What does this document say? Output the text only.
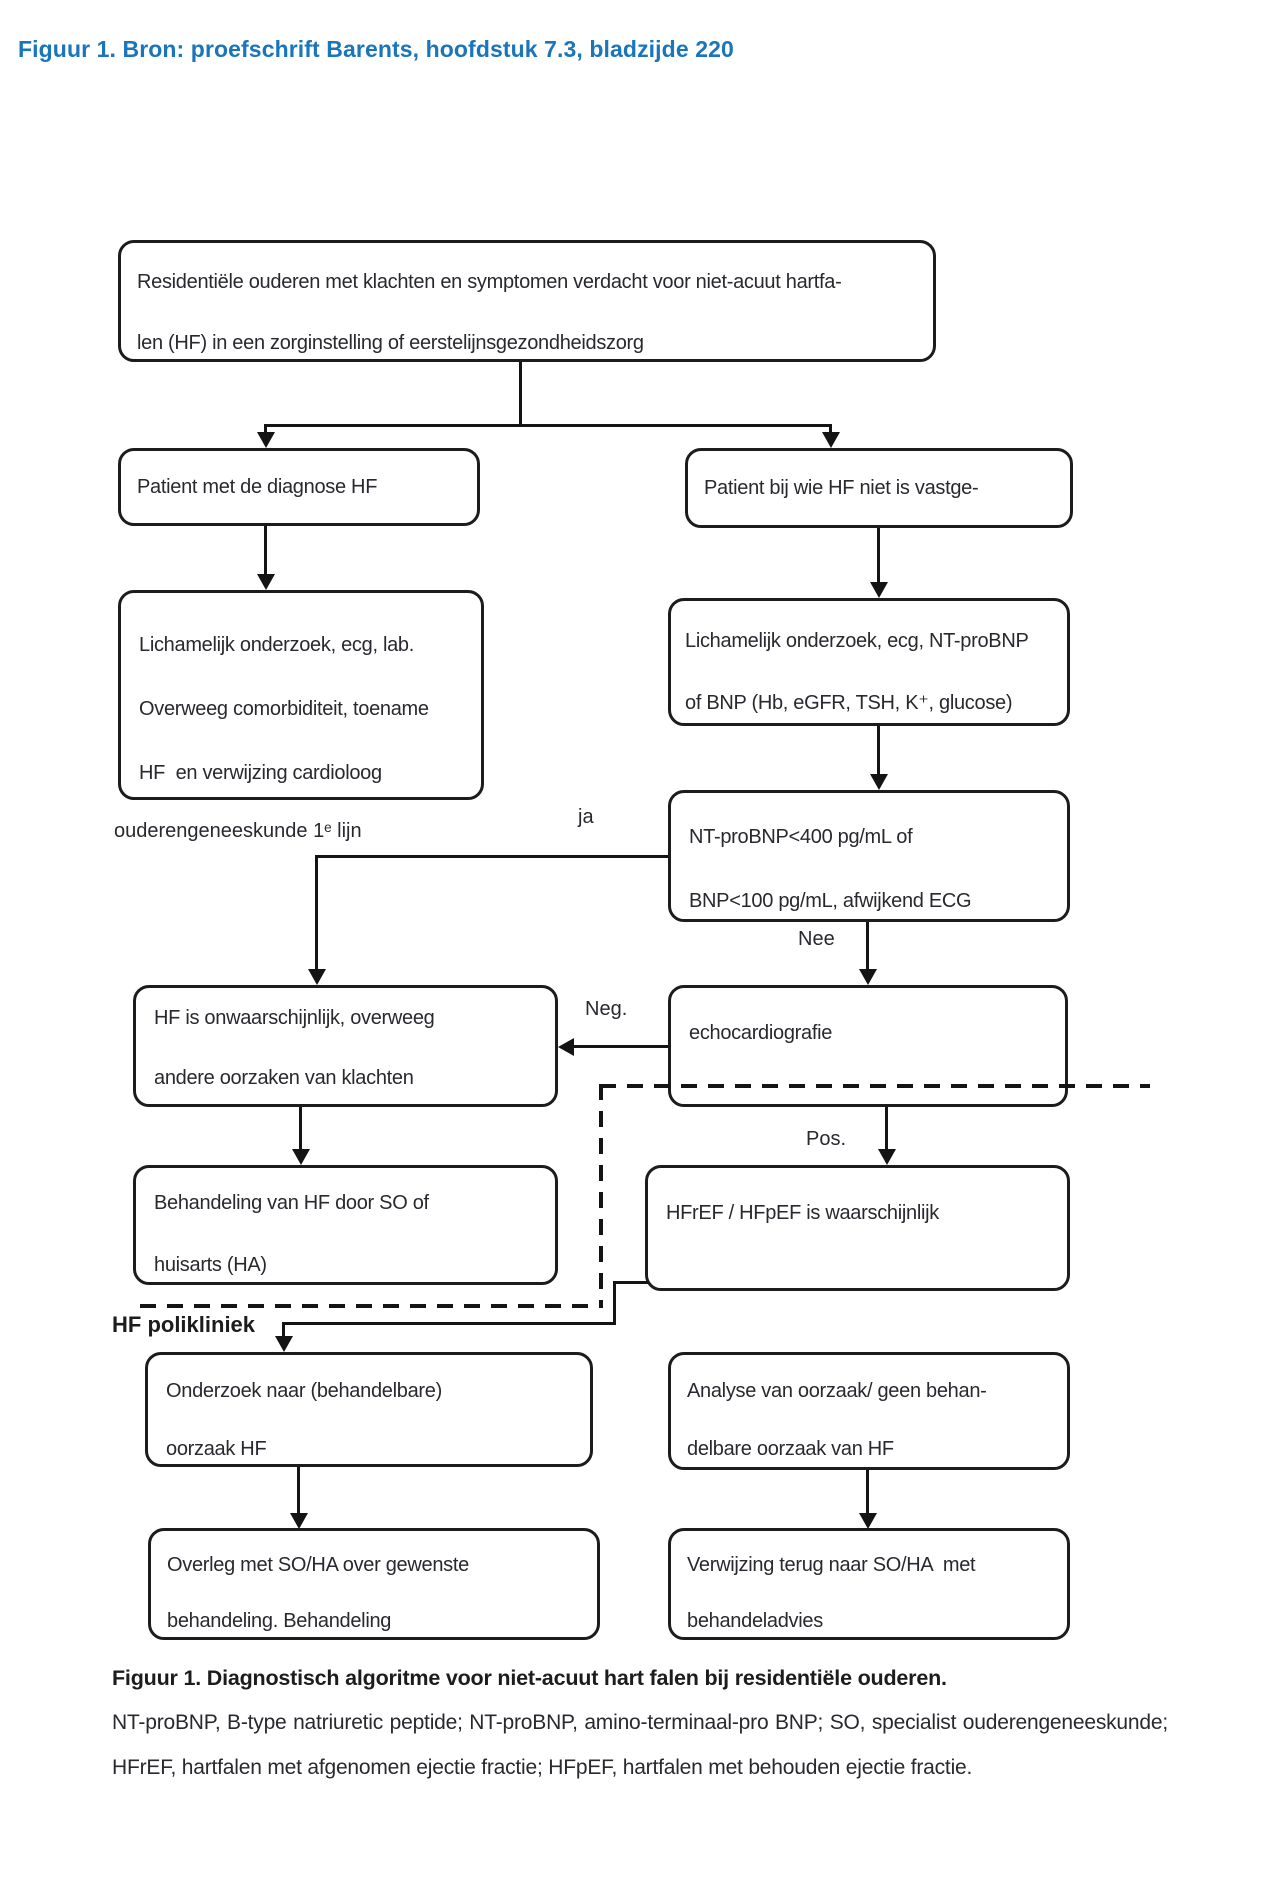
Figuur 1. Bron: proefschrift Barents, hoofdstuk 7.3, bladzijde 220
Residentiële ouderen met klachten en symptomen verdacht voor niet-acuut hartfa-
len (HF) in een zorginstelling of eerstelijnsgezondheidszorg
Patient met de diagnose HF	Patient bij wie HF niet is vastge-
Lichamelijk onderzoek, ecg, lab.
Overweeg comorbiditeit, toename
HF  en verwijzing cardioloog
Lichamelijk onderzoek, ecg, NT-proBNP
of BNP (Hb, eGFR, TSH, K⁺, glucose)
NT-proBNP<400 pg/mL of
BNP<100 pg/mL, afwijkend ECG
HF is onwaarschijnlijk, overweeg
andere oorzaken van klachten
echocardiografie
Behandeling van HF door SO of
huisarts (HA)
HFrEF / HFpEF is waarschijnlijk
Onderzoek naar (behandelbare)
oorzaak HF
Analyse van oorzaak/ geen behan-
delbare oorzaak van HF
Overleg met SO/HA over gewenste
behandeling. Behandeling
Verwijzing terug naar SO/HA  met
behandeladvies
ouderengeneeskunde 1ᵉ lijn
ja
Nee
Neg.
Pos.
HF polikliniek
Figuur 1. Diagnostisch algoritme voor niet-acuut hart falen bij residentiële ouderen.
NT-proBNP, B-type natriuretic peptide; NT-proBNP, amino-terminaal-pro BNP; SO, specialist ouderengeneeskunde; HFrEF, hartfalen met afgenomen ejectie fractie; HFpEF, hartfalen met behouden ejectie fractie.
